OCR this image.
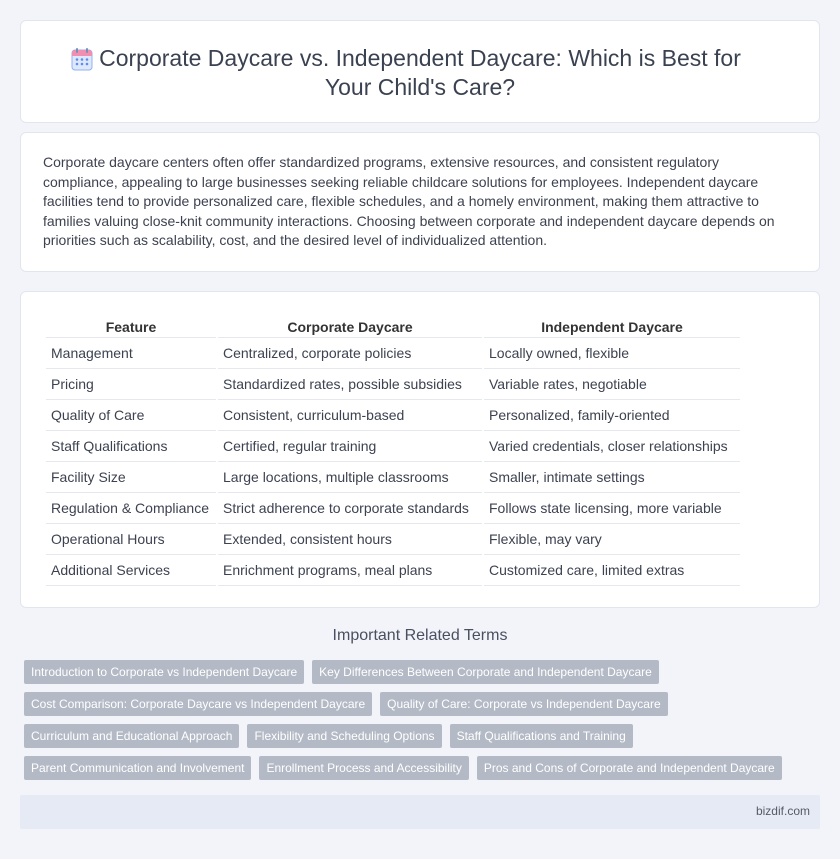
Corporate Daycare vs. Independent Daycare: Which is Best for Your Child's Care?

Corporate daycare centers often offer standardized programs, extensive resources, and consistent regulatory compliance, appealing to large businesses seeking reliable childcare solutions for employees. Independent daycare facilities tend to provide personalized care, flexible schedules, and a homely environment, making them attractive to families valuing close-knit community interactions. Choosing between corporate and independent daycare depends on priorities such as scalability, cost, and the desired level of individualized attention.

Feature	Corporate Daycare	Independent Daycare
Management	Centralized, corporate policies	Locally owned, flexible
Pricing	Standardized rates, possible subsidies	Variable rates, negotiable
Quality of Care	Consistent, curriculum-based	Personalized, family-oriented
Staff Qualifications	Certified, regular training	Varied credentials, closer relationships
Facility Size	Large locations, multiple classrooms	Smaller, intimate settings
Regulation & Compliance	Strict adherence to corporate standards	Follows state licensing, more variable
Operational Hours	Extended, consistent hours	Flexible, may vary
Additional Services	Enrichment programs, meal plans	Customized care, limited extras
Important Related Terms
Introduction to Corporate vs Independent Daycare	Key Differences Between Corporate and Independent Daycare
Cost Comparison: Corporate Daycare vs Independent Daycare	Quality of Care: Corporate vs Independent Daycare
Curriculum and Educational Approach	Flexibility and Scheduling Options	Staff Qualifications and Training
Parent Communication and Involvement	Enrollment Process and Accessibility	Pros and Cons of Corporate and Independent Daycare
bizdif.com
